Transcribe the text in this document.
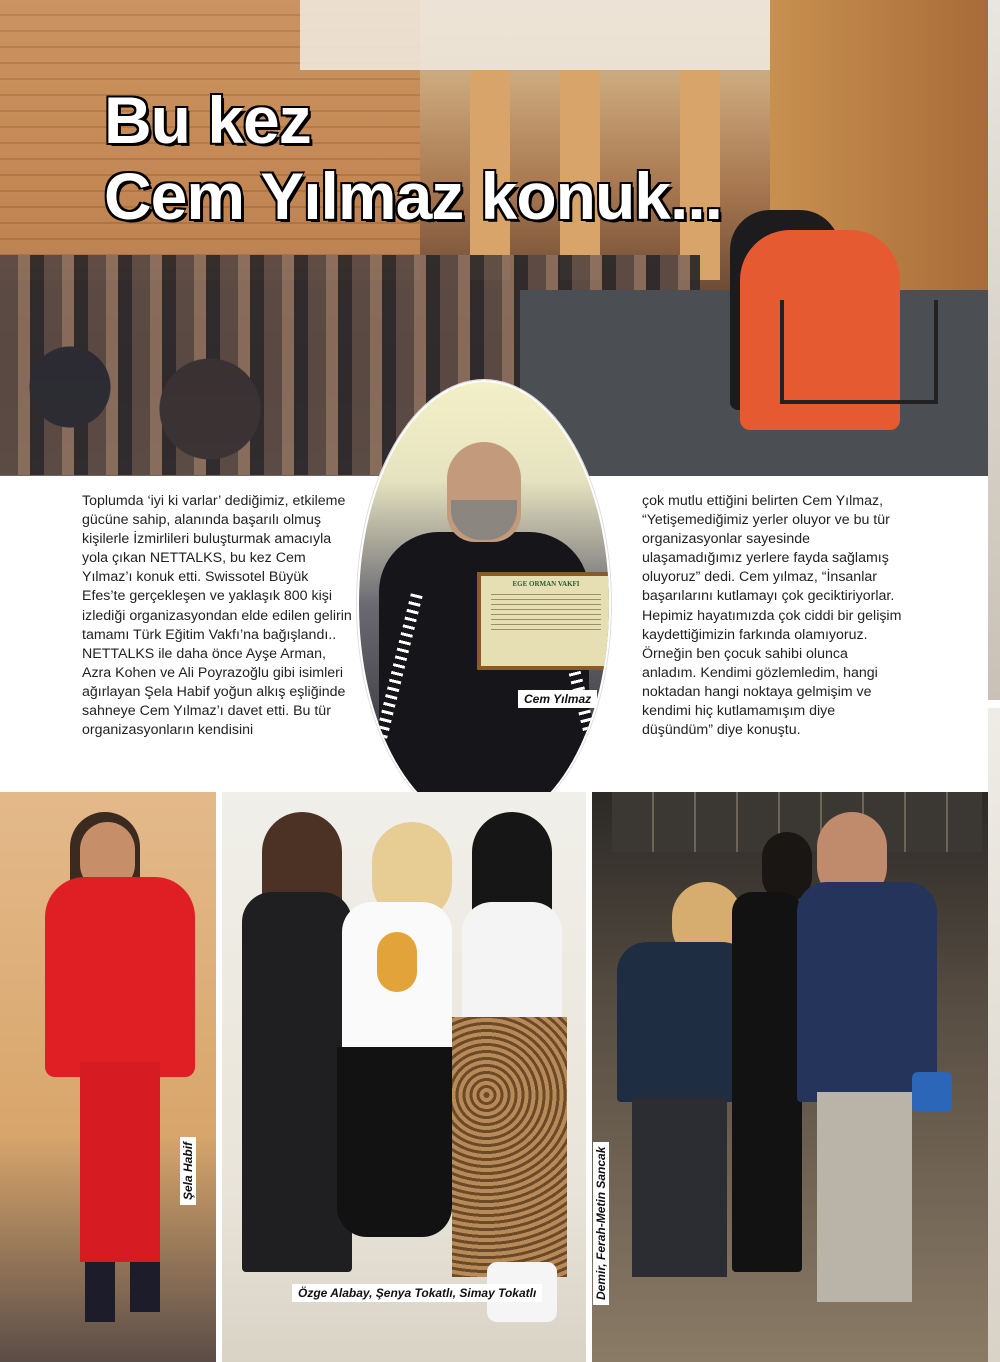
Bu kez
Cem Yılmaz konuk...
Toplumda ‘iyi ki varlar’ dediğimiz, etkileme gücüne sahip, alanında başarılı olmuş kişilerle İzmirlileri buluşturmak amacıyla yola çıkan NETTALKS, bu kez Cem Yılmaz’ı konuk etti. Swissotel Büyük Efes’te gerçekleşen ve yaklaşık 800 kişi izlediği organizasyondan elde edilen gelirin tamamı Türk Eğitim Vakfı’na bağışlandı.. NETTALKS ile daha önce Ayşe Arman, Azra Kohen ve Ali Poyrazoğlu gibi isimleri ağırlayan Şela Habif yoğun alkış eşliğinde sahneye Cem Yılmaz’ı davet etti. Bu tür organizasyonların kendisini
çok mutlu ettiğini belirten Cem Yılmaz, “Yetişemediğimiz yerler oluyor ve bu tür organizasyonlar sayesinde ulaşamadığımız yerlere fayda sağlamış oluyoruz” dedi. Cem yılmaz, “İnsanlar başarılarını kutlamayı çok geciktiriyorlar. Hepimiz hayatımızda çok ciddi bir gelişim kaydettiğimizin farkında olamıyoruz. Örneğin ben çocuk sahibi olunca anladım. Kendimi gözlemledim, hangi noktadan hangi noktaya gelmişim ve kendimi hiç kutlamamışım diye düşündüm” diye konuştu.
EGE ORMAN VAKFI
Cem Yılmaz
Şela Habif
Özge Alabay, Şenya Tokatlı, Simay Tokatlı	Demir, Ferah-Metin Sancak
